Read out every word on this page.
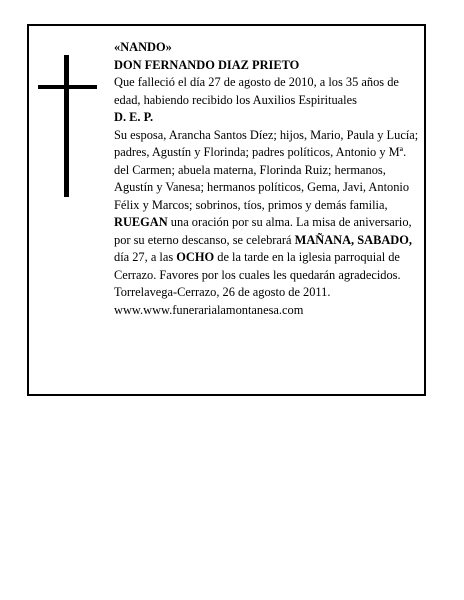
«NANDO»

DON FERNANDO DIAZ PRIETO

Que falleció el día 27 de agosto de 2010, a los 35 años de edad, habiendo recibido los Auxilios Espirituales

D. E. P.

Su esposa, Arancha Santos Díez; hijos, Mario, Paula y Lucía; padres, Agustín y Florinda; padres políticos, Antonio y Mª. del Carmen; abuela materna, Florinda Ruiz; hermanos, Agustín y Vanesa; hermanos políticos, Gema, Javi, Antonio Félix y Marcos; sobrinos, tíos, primos y demás familia,

RUEGAN una oración por su alma. La misa de aniversario, por su eterno descanso, se celebrará MAÑANA, SABADO, día 27, a las OCHO de la tarde en la iglesia parroquial de Cerrazo. Favores por los cuales les quedarán agradecidos.

Torrelavega-Cerrazo, 26 de agosto de 2011.

www.www.funerarialamontanesa.com
